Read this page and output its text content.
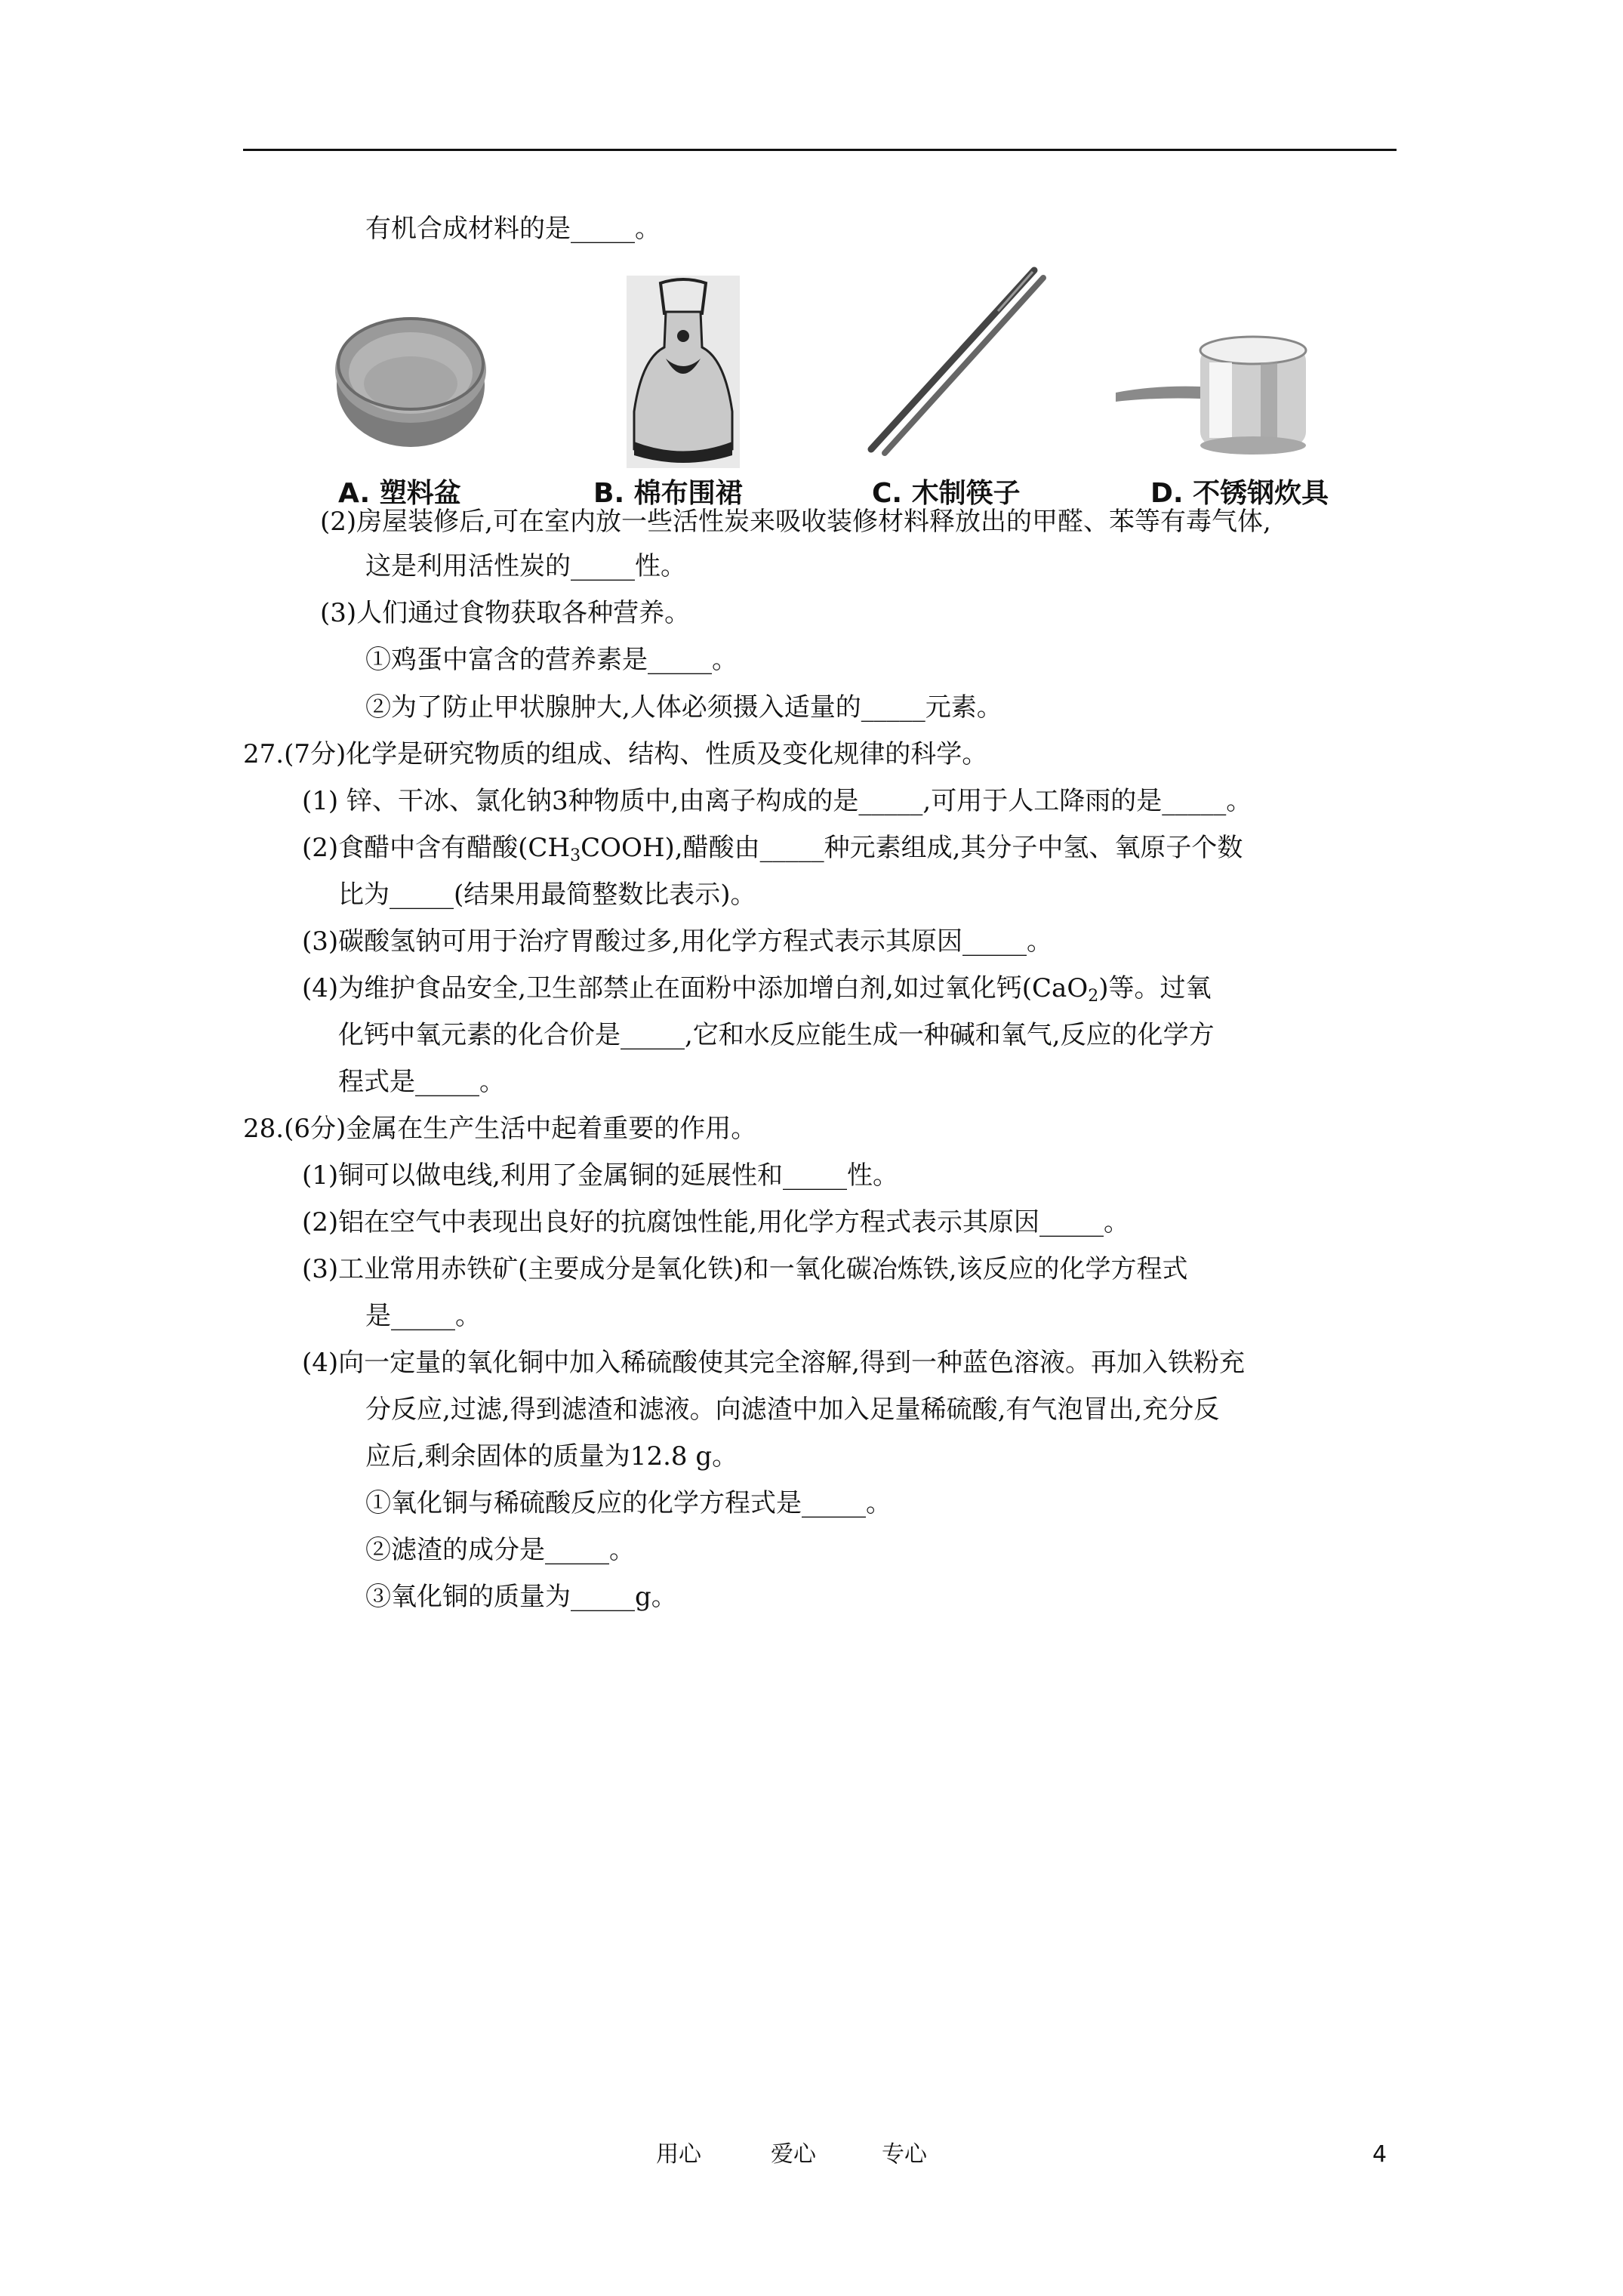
有机合成材料的是_____。
A. 塑料盆	B. 棉布围裙	C. 木制筷子	D. 不锈钢炊具
(2)房屋装修后,可在室内放一些活性炭来吸收装修材料释放出的甲醛、苯等有毒气体,
这是利用活性炭的_____性。
(3)人们通过食物获取各种营养。
①鸡蛋中富含的营养素是_____。
②为了防止甲状腺肿大,人体必须摄入适量的_____元素。
27.(7分)化学是研究物质的组成、结构、性质及变化规律的科学。
(1) 锌、干冰、氯化钠3种物质中,由离子构成的是_____,可用于人工降雨的是_____。
(2)食醋中含有醋酸$(CH_3COOH)$,醋酸由_____种元素组成,其分子中氢、氧原子个数
比为_____(结果用最简整数比表示)。
(3)碳酸氢钠可用于治疗胃酸过多,用化学方程式表示其原因_____。
(4)为维护食品安全,卫生部禁止在面粉中添加增白剂,如过氧化钙(CaO$_2$)等。过氧
化钙中氧元素的化合价是_____,它和水反应能生成一种碱和氧气,反应的化学方
程式是_____。
28.(6分)金属在生产生活中起着重要的作用。
(1)铜可以做电线,利用了金属铜的延展性和_____性。
(2)铝在空气中表现出良好的抗腐蚀性能,用化学方程式表示其原因_____。
(3)工业常用赤铁矿(主要成分是氧化铁)和一氧化碳冶炼铁,该反应的化学方程式
是_____。
(4)向一定量的氧化铜中加入稀硫酸使其完全溶解,得到一种蓝色溶液。再加入铁粉充
分反应,过滤,得到滤渣和滤液。向滤渣中加入足量稀硫酸,有气泡冒出,充分反
应后,剩余固体的质量为12.8 g。
①氧化铜与稀硫酸反应的化学方程式是_____。
②滤渣的成分是_____。
③氧化铜的质量为_____g。
用心	爱心	专心	4
